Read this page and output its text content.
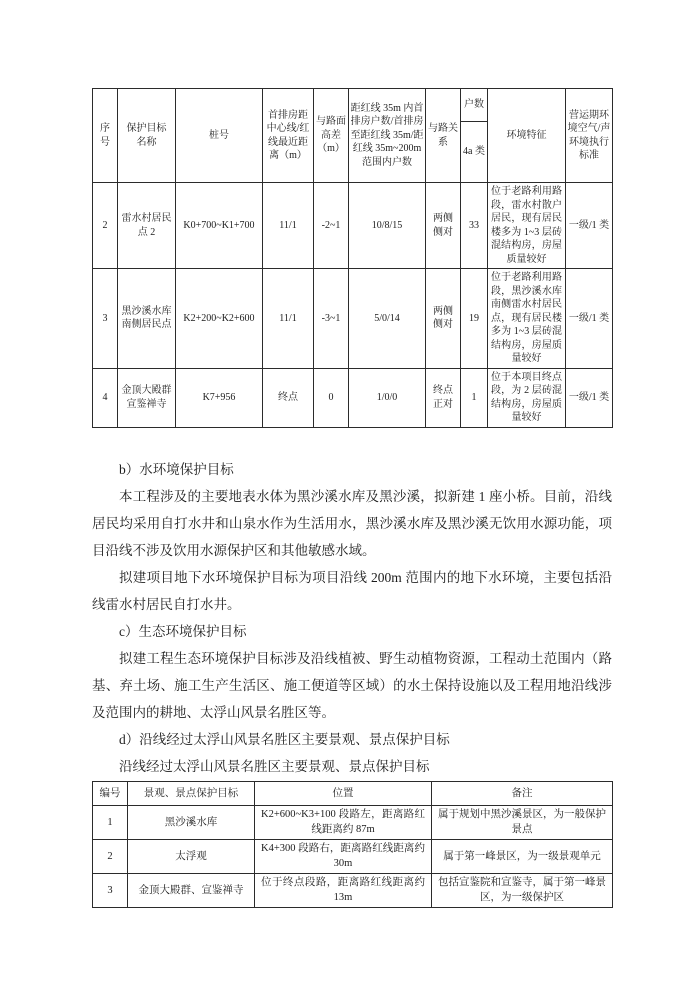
序号	保护目标名称	桩号	首排房距中心线/红线最近距离（m）	与路面高差（m）	距红线 35m 内首排房户数/首排房至距红线 35m/距红线 35m~200m 范围内户数	与路关系	户数
4a 类	环境特征	营运期环境空气/声环境执行标准
2	雷水村居民点 2	K0+700~K1+700	11/1	-2~1	10/8/15	两侧侧对	33	位于老路利用路段，雷水村散户居民，现有居民楼多为 1~3 层砖混结构房，房屋质量较好	一级/1 类
3	黑沙溪水库南侧居民点	K2+200~K2+600	11/1	-3~1	5/0/14	两侧侧对	19	位于老路利用路段，黑沙溪水库南侧雷水村居民点，现有居民楼多为 1~3 层砖混结构房，房屋质量较好	一级/1 类
4	金顶大殿群宣鉴禅寺	K7+956	终点	0	1/0/0	终点正对	1	位于本项目终点段，为 2 层砖混结构房，房屋质量较好	一级/1 类

b）水环境保护目标

本工程涉及的主要地表水体为黑沙溪水库及黑沙溪，拟新建 1 座小桥。目前，沿线居民均采用自打水井和山泉水作为生活用水，黑沙溪水库及黑沙溪无饮用水源功能，项目沿线不涉及饮用水源保护区和其他敏感水域。

拟建项目地下水环境保护目标为项目沿线 200m 范围内的地下水环境，主要包括沿线雷水村居民自打水井。

c）生态环境保护目标

拟建工程生态环境保护目标涉及沿线植被、野生动植物资源，工程动土范围内（路基、弃土场、施工生产生活区、施工便道等区域）的水土保持设施以及工程用地沿线涉及范围内的耕地、太浮山风景名胜区等。

d）沿线经过太浮山风景名胜区主要景观、景点保护目标

沿线经过太浮山风景名胜区主要景观、景点保护目标

编号	景观、景点保护目标	位置	备注
1	黑沙溪水库	K2+600~K3+100 段路左，距离路红线距离约 87m	属于规划中黑沙溪景区，为一般保护景点
2	太浮观	K4+300 段路右，距离路红线距离约 30m	属于第一峰景区，为一级景观单元
3	金顶大殿群、宣鉴禅寺	位于终点段路，距离路红线距离约 13m	包括宣鉴院和宣鉴寺，属于第一峰景区，为一级保护区
